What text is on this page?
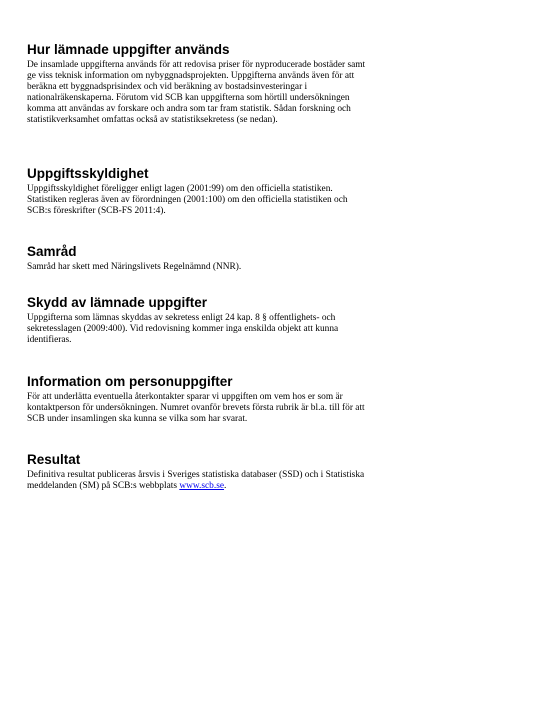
Hur lämnade uppgifter används

De insamlade uppgifterna används för att redovisa priser för nyproducerade bostäder samt
ge viss teknisk information om nybyggnadsprojekten. Uppgifterna används även för att
beräkna ett byggnadsprisindex och vid beräkning av bostadsinvesteringar i
nationalräkenskaperna. Förutom vid SCB kan uppgifterna som hörtill undersökningen
komma att användas av forskare och andra som tar fram statistik. Sådan forskning och
statistikverksamhet omfattas också av statistiksekretess (se nedan).

Uppgiftsskyldighet

Uppgiftsskyldighet föreligger enligt lagen (2001:99) om den officiella statistiken.
Statistiken regleras även av förordningen (2001:100) om den officiella statistiken och
SCB:s föreskrifter (SCB-FS 2011:4).

Samråd

Samråd har skett med Näringslivets Regelnämnd (NNR).

Skydd av lämnade uppgifter

Uppgifterna som lämnas skyddas av sekretess enligt 24 kap. 8 § offentlighets- och
sekretesslagen (2009:400). Vid redovisning kommer inga enskilda objekt att kunna
identifieras.

Information om personuppgifter

För att underlätta eventuella återkontakter sparar vi uppgiften om vem hos er som är
kontaktperson för undersökningen. Numret ovanför brevets första rubrik är bl.a. till för att
SCB under insamlingen ska kunna se vilka som har svarat.

Resultat

Definitiva resultat publiceras årsvis i Sveriges statistiska databaser (SSD) och i Statistiska
meddelanden (SM) på SCB:s webbplats www.scb.se.
